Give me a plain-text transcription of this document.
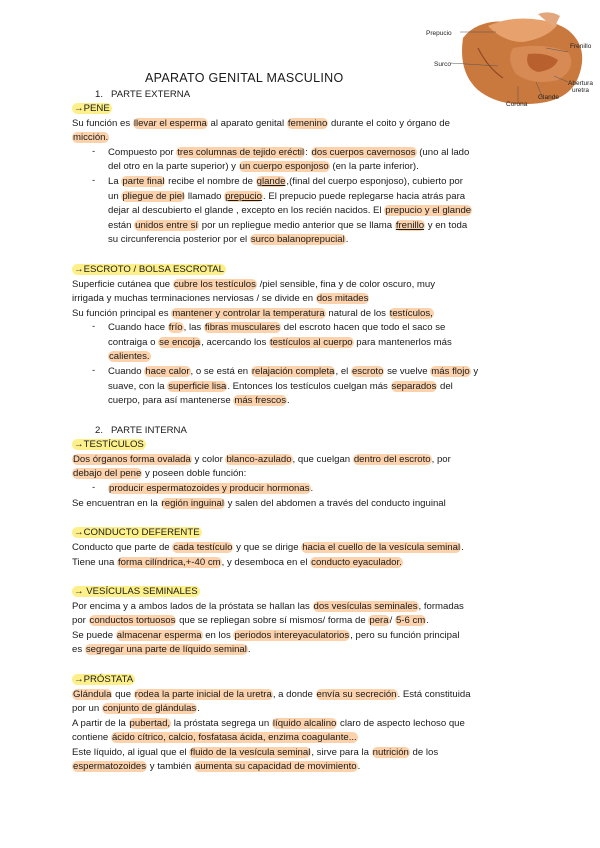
Prepucio
Frenillo
Surco
Abertura
uretra
Glande
Corona
APARATO GENITAL MASCULINO
1. PARTE EXTERNA
→PENE
Su función es llevar el esperma al aparato genital femenino durante el coito y órgano de
micción.
- Compuesto por tres columnas de tejido eréctil: dos cuerpos cavernosos (uno al lado
del otro en la parte superior) y un cuerpo esponjoso (en la parte inferior).
- La parte final recibe el nombre de glande,(final del cuerpo esponjoso), cubierto por
un pliegue de piel llamado prepucio. El prepucio puede replegarse hacia atrás para
dejar al descubierto el glande , excepto en los recién nacidos. El prepucio y el glande
están unidos entre sí por un repliegue medio anterior que se llama frenillo y en toda
su circunferencia posterior por el surco balanoprepucial.
→ESCROTO / BOLSA ESCROTAL
Superficie cutánea que cubre los testículos /piel sensible, fina y de color oscuro, muy
irrigada y muchas terminaciones nerviosas / se divide en dos mitades
Su función principal es mantener y controlar la temperatura natural de los testículos,
- Cuando hace frío, las fibras musculares del escroto hacen que todo el saco se
contraiga o se encoja, acercando los testículos al cuerpo para mantenerlos más
calientes.
- Cuando hace calor, o se está en relajación completa, el escroto se vuelve más flojo y
suave, con la superficie lisa. Entonces los testículos cuelgan más separados del
cuerpo, para así mantenerse más frescos.
2. PARTE INTERNA
→TESTÍCULOS
Dos órganos forma ovalada y color blanco-azulado, que cuelgan dentro del escroto, por
debajo del pene y poseen doble función:
- producir espermatozoides y producir hormonas.
Se encuentran en la región inguinal y salen del abdomen a través del conducto inguinal
→CONDUCTO DEFERENTE
Conducto que parte de cada testículo y que se dirige hacia el cuello de la vesícula seminal.
Tiene una forma cilíndrica,+-40 cm, y desemboca en el conducto eyaculador.
→ VESÍCULAS SEMINALES
Por encima y a ambos lados de la próstata se hallan las dos vesículas seminales, formadas
por conductos tortuosos que se repliegan sobre sí mismos/ forma de pera/ 5-6 cm.
Se puede almacenar esperma en los periodos intereyaculatorios, pero su función principal
es segregar una parte de líquido seminal.
→PRÓSTATA
Glándula que rodea la parte inicial de la uretra, a donde envía su secreción. Está constituida
por un conjunto de glándulas.
A partir de la pubertad, la próstata segrega un líquido alcalino claro de aspecto lechoso que
contiene ácido cítrico, calcio, fosfatasa ácida, enzima coagulante...
Este líquido, al igual que el fluido de la vesícula seminal, sirve para la nutrición de los
espermatozoides y también aumenta su capacidad de movimiento.
